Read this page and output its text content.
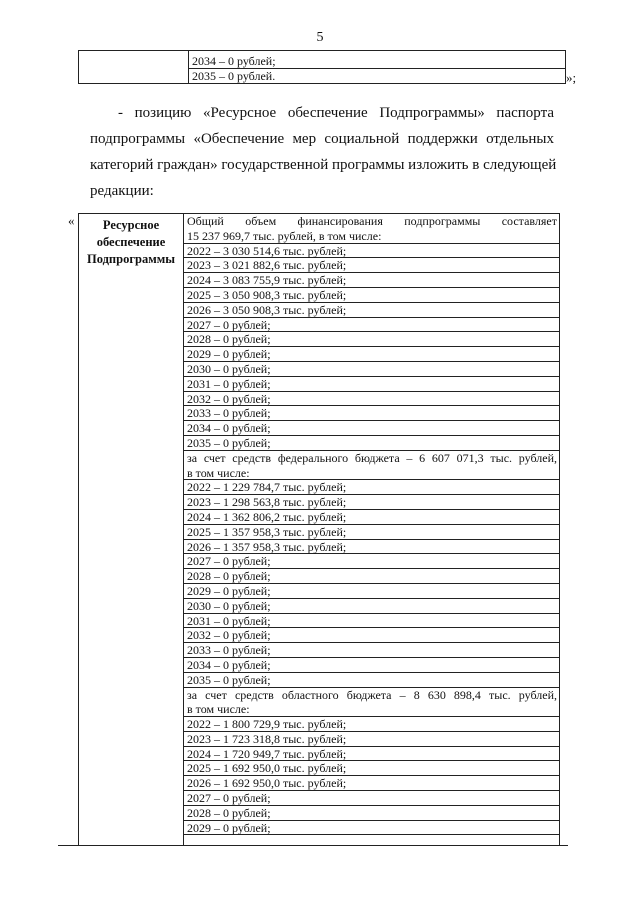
5
2034 – 0 рублей;
2035 – 0 рублей.	»;
- позицию «Ресурсное обеспечение Подпрограммы» паспорта
подпрограммы «Обеспечение мер социальной поддержки отдельных
категорий граждан» государственной программы изложить в следующей
редакции:
«	Ресурсное
обеспечение
Подпрограммы
Общий объем финансирования подпрограммы составляет
15 237 969,7 тыс. рублей, в том числе:
2022 – 3 030 514,6 тыс. рублей;
2023 – 3 021 882,6 тыс. рублей;
2024 – 3 083 755,9 тыс. рублей;
2025 – 3 050 908,3 тыс. рублей;
2026 – 3 050 908,3 тыс. рублей;
2027 – 0 рублей;
2028 – 0 рублей;
2029 – 0 рублей;
2030 – 0 рублей;
2031 – 0 рублей;
2032 – 0 рублей;
2033 – 0 рублей;
2034 – 0 рублей;
2035 – 0 рублей;
за счет средств федерального бюджета – 6 607 071,3 тыс. рублей,
в том числе:
2022 – 1 229 784,7 тыс. рублей;
2023 – 1 298 563,8 тыс. рублей;
2024 – 1 362 806,2 тыс. рублей;
2025 – 1 357 958,3 тыс. рублей;
2026 – 1 357 958,3 тыс. рублей;
2027 – 0 рублей;
2028 – 0 рублей;
2029 – 0 рублей;
2030 – 0 рублей;
2031 – 0 рублей;
2032 – 0 рублей;
2033 – 0 рублей;
2034 – 0 рублей;
2035 – 0 рублей;
за счет средств областного бюджета – 8 630 898,4 тыс. рублей,
в том числе:
2022 – 1 800 729,9 тыс. рублей;
2023 – 1 723 318,8 тыс. рублей;
2024 – 1 720 949,7 тыс. рублей;
2025 – 1 692 950,0 тыс. рублей;
2026 – 1 692 950,0 тыс. рублей;
2027 – 0 рублей;
2028 – 0 рублей;
2029 – 0 рублей;
